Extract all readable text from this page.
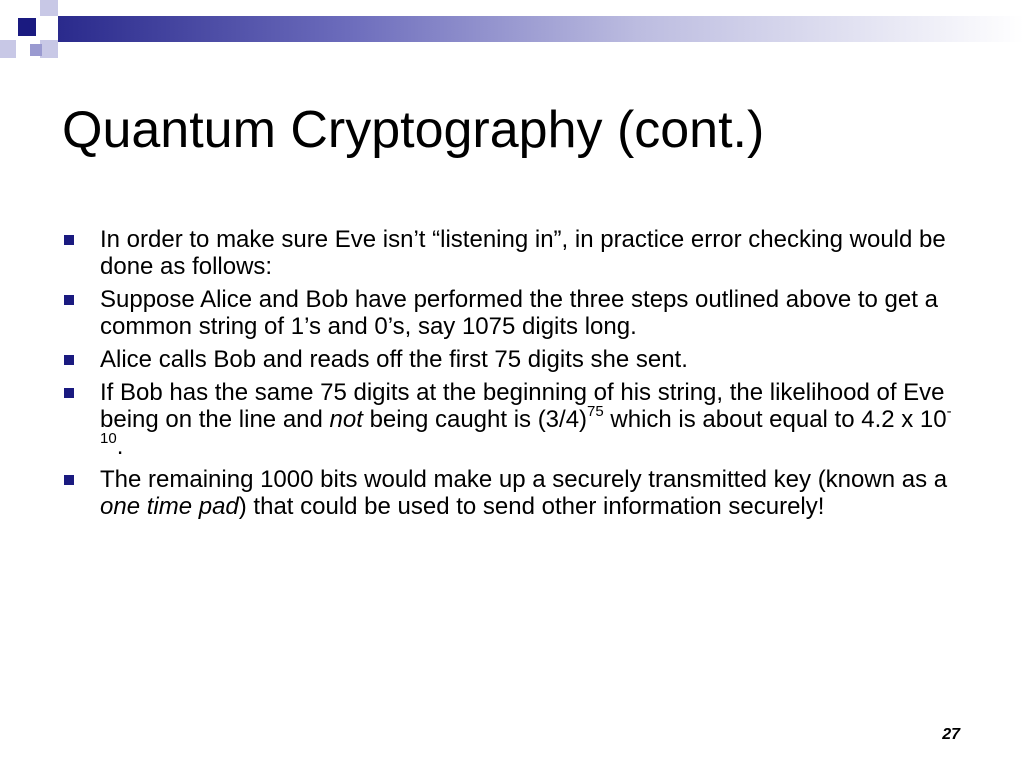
Quantum Cryptography (cont.)
In order to make sure Eve isn’t “listening in”, in practice error checking would be done as follows:
Suppose Alice and Bob have performed the three steps outlined above to get a common string of 1’s and 0’s, say 1075 digits long.
Alice calls Bob and reads off the first 75 digits she sent.
If Bob has the same 75 digits at the beginning of his string, the likelihood of Eve being on the line and not being caught is $(3/4)^{75}$ which is about equal to 4.2 x $10^{-10}$.
The remaining 1000 bits would make up a securely transmitted key (known as a one time pad) that could be used to send other information securely!
27
